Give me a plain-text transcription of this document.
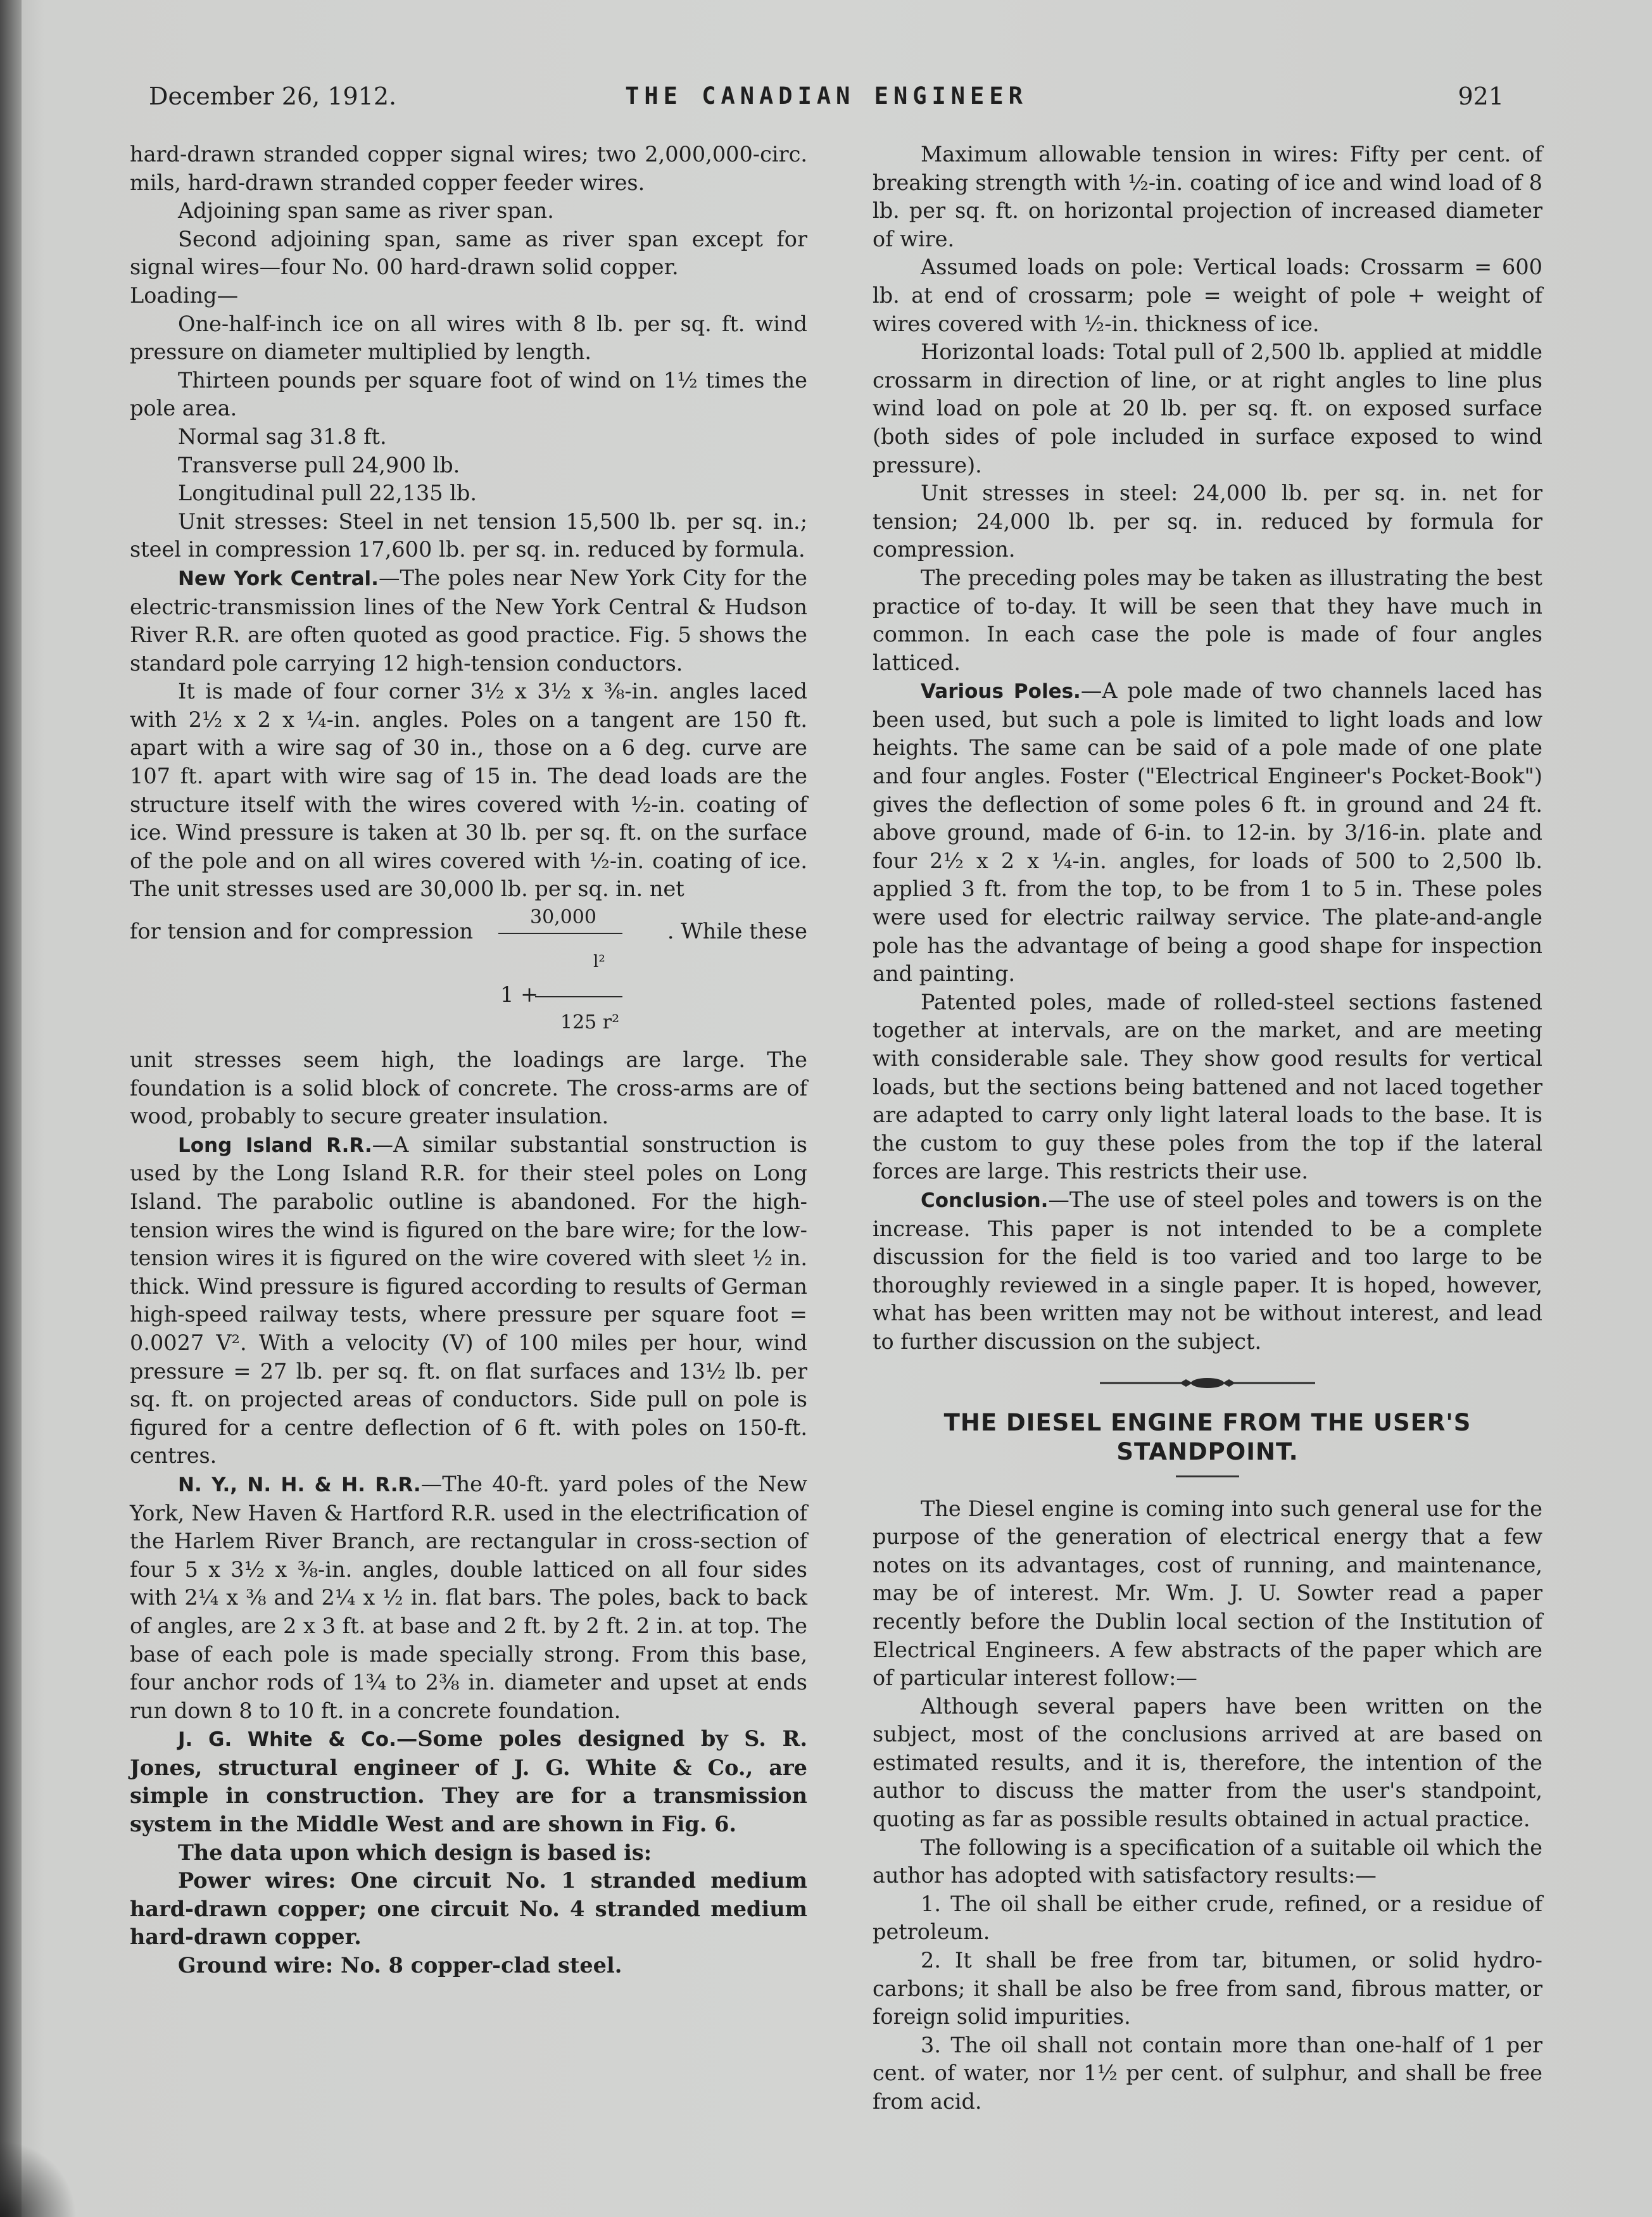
December 26, 1912.	THE CANADIAN ENGINEER	921

hard-drawn stranded copper signal wires; two 2,000,000-circ. mils, hard-drawn stranded copper feeder wires.

Adjoining span same as river span.

Second adjoining span, same as river span except for signal wires—four No. 00 hard-drawn solid copper.

Loading—

One-half-inch ice on all wires with 8 lb. per sq. ft. wind pressure on diameter multiplied by length.

Thirteen pounds per square foot of wind on 1½ times the pole area.

Normal sag 31.8 ft.

Transverse pull 24,900 lb.

Longitudinal pull 22,135 lb.

Unit stresses: Steel in net tension 15,500 lb. per sq. in.; steel in compression 17,600 lb. per sq. in. reduced by formula.

New York Central.—The poles near New York City for the electric-transmission lines of the New York Central & Hudson River R.R. are often quoted as good practice. Fig. 5 shows the standard pole carrying 12 high-tension conductors.

It is made of four corner 3½ x 3½ x ⅜-in. angles laced with 2½ x 2 x ¼-in. angles. Poles on a tangent are 150 ft. apart with a wire sag of 30 in., those on a 6 deg. curve are 107 ft. apart with wire sag of 15 in. The dead loads are the structure itself with the wires covered with ½-in. coating of ice. Wind pressure is taken at 30 lb. per sq. ft. on the surface of the pole and on all wires covered with ½-in. coating of ice. The unit stresses used are 30,000 lb. per sq. in. net

for tension and for compression
30,000
. While these
l²
1 +
125 r²

unit stresses seem high, the loadings are large. The foundation is a solid block of concrete. The cross-arms are of wood, probably to secure greater insulation.

Long Island R.R.—A similar substantial sonstruction is used by the Long Island R.R. for their steel poles on Long Island. The parabolic outline is abandoned. For the high-tension wires the wind is figured on the bare wire; for the low-tension wires it is figured on the wire covered with sleet ½ in. thick. Wind pressure is figured according to results of German high-speed railway tests, where pressure per square foot = 0.0027 V². With a velocity (V) of 100 miles per hour, wind pressure = 27 lb. per sq. ft. on flat surfaces and 13½ lb. per sq. ft. on projected areas of conductors. Side pull on pole is figured for a centre deflection of 6 ft. with poles on 150-ft. centres.

N. Y., N. H. & H. R.R.—The 40-ft. yard poles of the New York, New Haven & Hartford R.R. used in the electrification of the Harlem River Branch, are rectangular in cross-section of four 5 x 3½ x ⅜-in. angles, double latticed on all four sides with 2¼ x ⅜ and 2¼ x ½ in. flat bars. The poles, back to back of angles, are 2 x 3 ft. at base and 2 ft. by 2 ft. 2 in. at top. The base of each pole is made specially strong. From this base, four anchor rods of 1¾ to 2⅜ in. diameter and upset at ends run down 8 to 10 ft. in a concrete foundation.

J. G. White & Co.—Some poles designed by S. R. Jones, structural engineer of J. G. White & Co., are simple in construction. They are for a transmission system in the Middle West and are shown in Fig. 6.

The data upon which design is based is:

Power wires: One circuit No. 1 stranded medium hard-drawn copper; one circuit No. 4 stranded medium hard-drawn copper.

Ground wire: No. 8 copper-clad steel.

Maximum allowable tension in wires: Fifty per cent. of breaking strength with ½-in. coating of ice and wind load of 8 lb. per sq. ft. on horizontal projection of increased diameter of wire.

Assumed loads on pole: Vertical loads: Crossarm = 600 lb. at end of crossarm; pole = weight of pole + weight of wires covered with ½-in. thickness of ice.

Horizontal loads: Total pull of 2,500 lb. applied at middle crossarm in direction of line, or at right angles to line plus wind load on pole at 20 lb. per sq. ft. on exposed surface (both sides of pole included in surface exposed to wind pressure).

Unit stresses in steel: 24,000 lb. per sq. in. net for tension; 24,000 lb. per sq. in. reduced by formula for compression.

The preceding poles may be taken as illustrating the best practice of to-day. It will be seen that they have much in common. In each case the pole is made of four angles latticed.

Various Poles.—A pole made of two channels laced has been used, but such a pole is limited to light loads and low heights. The same can be said of a pole made of one plate and four angles. Foster ("Electrical Engineer's Pocket-Book") gives the deflection of some poles 6 ft. in ground and 24 ft. above ground, made of 6-in. to 12-in. by 3/16-in. plate and four 2½ x 2 x ¼-in. angles, for loads of 500 to 2,500 lb. applied 3 ft. from the top, to be from 1 to 5 in. These poles were used for electric railway service. The plate-and-angle pole has the advantage of being a good shape for inspection and painting.

Patented poles, made of rolled-steel sections fastened together at intervals, are on the market, and are meeting with considerable sale. They show good results for vertical loads, but the sections being battened and not laced together are adapted to carry only light lateral loads to the base. It is the custom to guy these poles from the top if the lateral forces are large. This restricts their use.

Conclusion.—The use of steel poles and towers is on the increase. This paper is not intended to be a complete discussion for the field is too varied and too large to be thoroughly reviewed in a single paper. It is hoped, however, what has been written may not be without interest, and lead to further discussion on the subject.

THE DIESEL ENGINE FROM THE USER'S STANDPOINT.

The Diesel engine is coming into such general use for the purpose of the generation of electrical energy that a few notes on its advantages, cost of running, and maintenance, may be of interest. Mr. Wm. J. U. Sowter read a paper recently before the Dublin local section of the Institution of Electrical Engineers. A few abstracts of the paper which are of particular interest follow:—

Although several papers have been written on the subject, most of the conclusions arrived at are based on estimated results, and it is, therefore, the intention of the author to discuss the matter from the user's standpoint, quoting as far as possible results obtained in actual practice.

The following is a specification of a suitable oil which the author has adopted with satisfactory results:—

1. The oil shall be either crude, refined, or a residue of petroleum.

2. It shall be free from tar, bitumen, or solid hydro-carbons; it shall be also be free from sand, fibrous matter, or foreign solid impurities.

3. The oil shall not contain more than one-half of 1 per cent. of water, nor 1½ per cent. of sulphur, and shall be free from acid.
